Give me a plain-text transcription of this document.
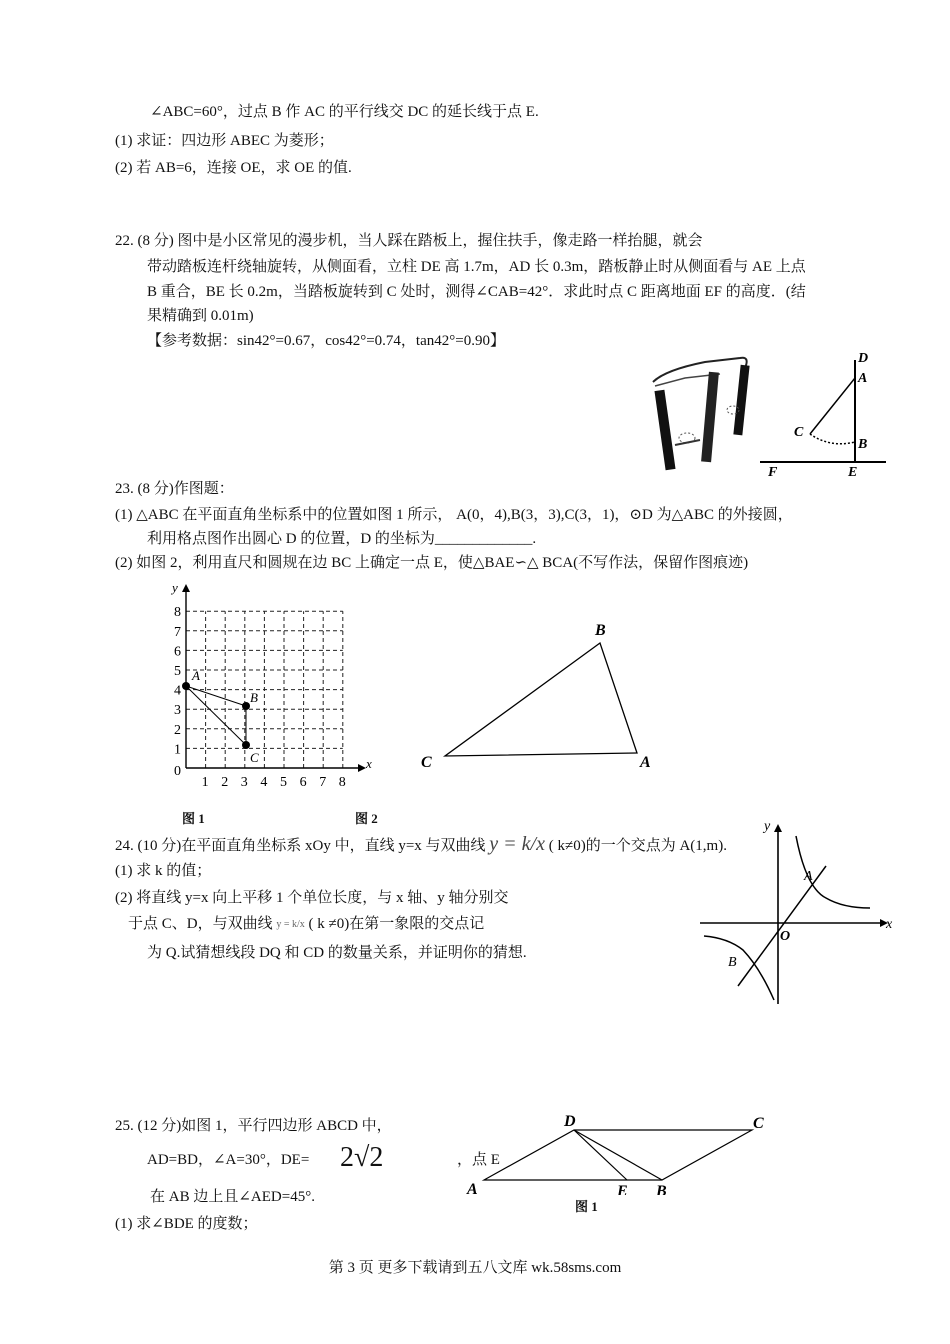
∠ABC=60°，过点 B 作 AC 的平行线交 DC 的延长线于点 E.
(1) 求证：四边形 ABEC 为菱形；
(2) 若 AB=6，连接 OE，求 OE 的值.
22. (8 分) 图中是小区常见的漫步机，当人踩在踏板上，握住扶手，像走路一样抬腿，就会
带动踏板连杆绕轴旋转，从侧面看，立柱 DE 高 1.7m，AD 长 0.3m，踏板静止时从侧面看与 AE 上点
B 重合，BE 长 0.2m，当踏板旋转到 C 处时，测得∠CAB=42°．求此时点 C 距离地面 EF 的高度．(结
果精确到 0.01m)
【参考数据：sin42°=0.67，cos42°=0.74，tan42°=0.90】
D
A
C
B
F	E
23. (8 分)作图题：
(1) △ABC 在平面直角坐标系中的位置如图 1 所示， A(0，4),B(3，3),C(3，1)，⊙D 为△ABC 的外接圆，
利用格点图作出圆心 D 的位置，D 的坐标为_____________.
(2) 如图 2，利用直尺和圆规在边 BC 上确定一点 E，使△BAE∽△ BCA(不写作法，保留作图痕迹)
y
x
0
1 2 3 4 5 6 7 8
1
2
3
4
5
6
7
8
A
B
C
图 1	图 2
B
C	A
24. (10 分)在平面直角坐标系 xOy 中，直线 y=x 与双曲线 y = k/x ( k≠0)的一个交点为 A(1,m).
(1) 求 k 的值；
(2) 将直线 y=x 向上平移 1 个单位长度，与 x 轴、y 轴分别交
于点 C、D，与双曲线 y = k/x ( k ≠0)在第一象限的交点记
为 Q.试猜想线段 DQ 和 CD 的数量关系，并证明你的猜想.
y
x
O
A
B
25. (12 分)如图 1，平行四边形 ABCD 中，
AD=BD，∠A=30°，DE= 2√2	，点 E
在 AB 边上且∠AED=45°.
(1) 求∠BDE 的度数；
D	C
A	E B
图 1
第 3 页 更多下载请到五八文库 wk.58sms.com
